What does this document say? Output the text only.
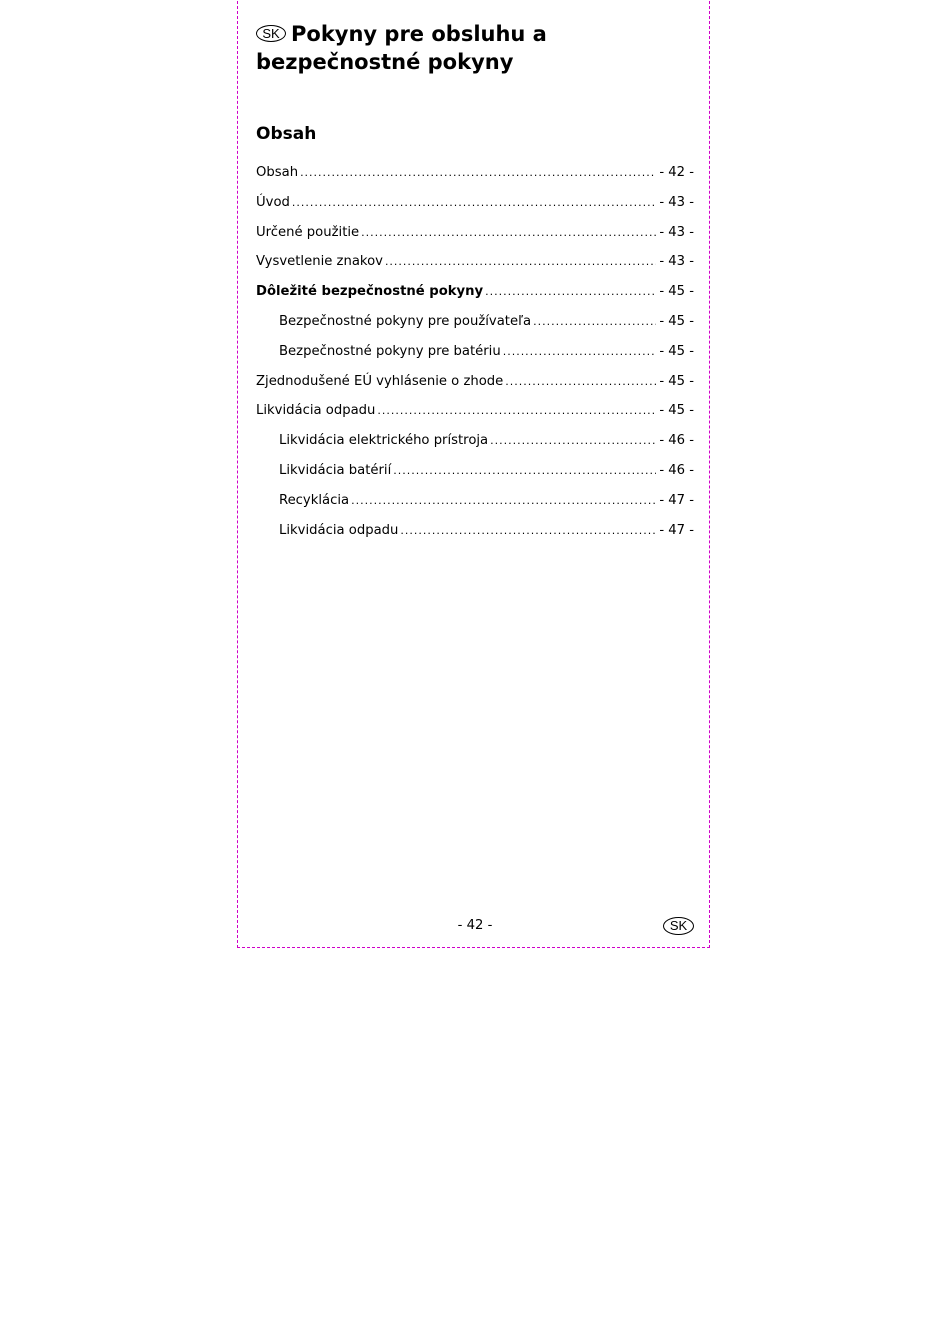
SK Pokyny pre obsluhu a bezpečnostné pokyny
Obsah
Obsah .....	- 42 -
Úvod .....	- 43 -
Určené použitie .....	- 43 -
Vysvetlenie znakov .....	- 43 -
Dôležité bezpečnostné pokyny .....	- 45 -
Bezpečnostné pokyny pre používateľa .....	- 45 -
Bezpečnostné pokyny pre batériu .....	- 45 -
Zjednodušené EÚ vyhlásenie o zhode .....	- 45 -
Likvidácia odpadu .....	- 45 -
Likvidácia elektrického prístroja .....	- 46 -
Likvidácia batérií .....	- 46 -
Recyklácia .....	- 47 -
Likvidácia odpadu .....	- 47 -
- 42 -	SK
